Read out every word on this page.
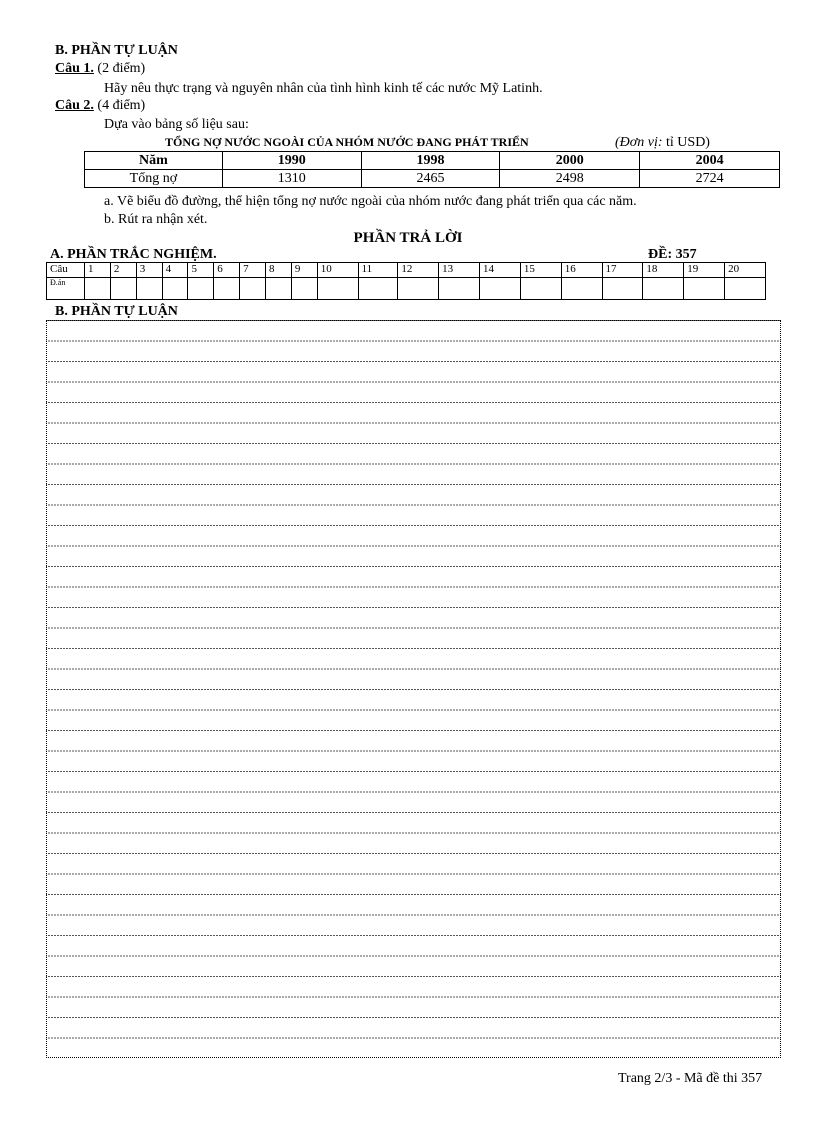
B. PHẦN TỰ LUẬN
Câu 1. (2 điểm)
Hãy nêu thực trạng và nguyên nhân của tình hình kinh tế các nước Mỹ Latinh.
Câu 2. (4 điểm)
Dựa vào bảng số liệu sau:
TỔNG NỢ NƯỚC NGOÀI CỦA NHÓM NƯỚC ĐANG PHÁT TRIỂN	(Đơn vị: tỉ USD)
Năm	1990	1998	2000	2004
Tổng nợ	1310	2465	2498	2724
a. Vẽ biểu đồ đường, thể hiện tổng nợ nước ngoài của nhóm nước đang phát triển qua các năm.
b. Rút ra nhận xét.
PHẦN TRẢ LỜI
A. PHẦN TRẮC NGHIỆM.	ĐỀ: 357
Câu	1	2	3	4	5	6	7	8	9	10	11	12	13	14	15	16	17	18	19	20
Đ.án																				
B. PHẦN TỰ LUẬN
Trang 2/3 - Mã đề thi 357
